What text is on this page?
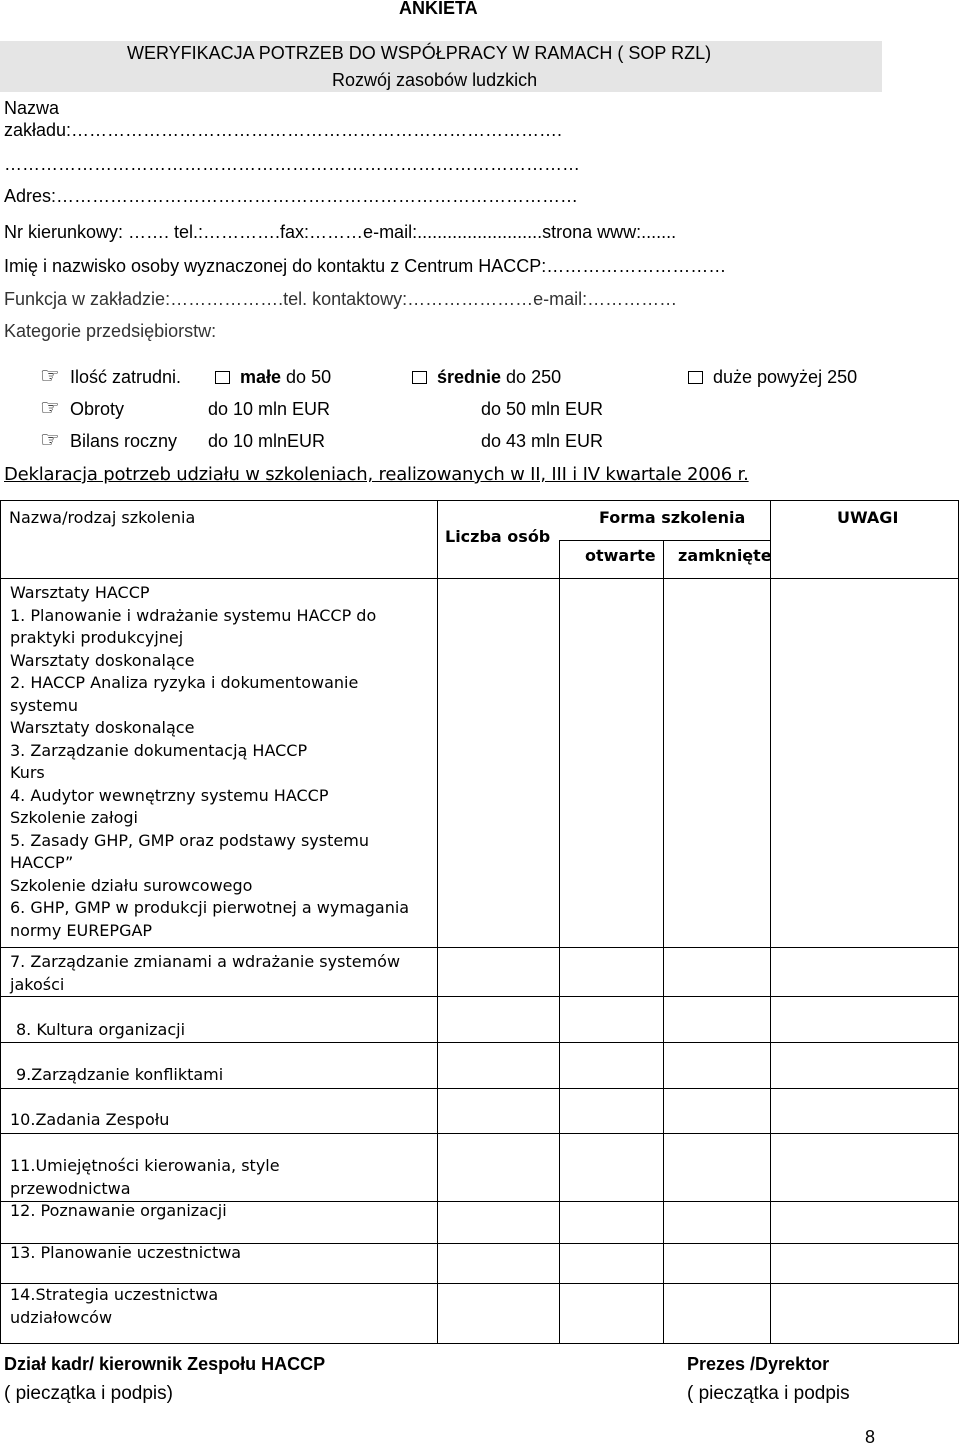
ANKIETA
WERYFIKACJA POTRZEB DO WSPÓŁPRACY W RAMACH ( SOP RZL)
Rozwój zasobów ludzkich
Nazwa
zakładu:……………………………………………………………………….
……………………………………………………………………………………
Adres:……………………………………………………………………………
Nr kierunkowy: ……. tel.:………….fax:………e-mail:.........................strona www:.......
Imię i nazwisko osoby wyznaczonej do kontaktu z Centrum HACCP:…………………………
Funkcja w zakładzie:……………….tel. kontaktowy:…………………e-mail:……………
Kategorie przedsiębiorstw:
☞ Ilość zatrudni.	małe do 50	średnie do 250	duże powyżej 250
☞ Obroty	do 10 mln EUR	do 50 mln EUR
☞ Bilans roczny do 10 mlnEUR	do 43 mln EUR
Deklaracja potrzeb udziału w szkoleniach, realizowanych w II, III i IV kwartale 2006 r.
Nazwa/rodzaj szkolenia
Liczba osób
Forma szkolenia
otwarte zamknięte
UWAGI
Warsztaty HACCP
1. Planowanie i wdrażanie systemu HACCP do praktyki produkcyjnej
Warsztaty doskonalące
2. HACCP Analiza ryzyka i dokumentowanie systemu
Warsztaty doskonalące
3. Zarządzanie dokumentacją HACCP
Kurs
4. Audytor wewnętrzny systemu HACCP
Szkolenie załogi
5. Zasady GHP, GMP oraz podstawy systemu HACCP”
Szkolenie działu surowcowego
6. GHP, GMP w produkcji pierwotnej a wymagania normy EUREPGAP
7. Zarządzanie zmianami a wdrażanie systemów jakości
8. Kultura organizacji
9.Zarządzanie konfliktami
10.Zadania Zespołu
11.Umiejętności kierowania, style przewodnictwa
12. Poznawanie organizacji
13. Planowanie uczestnictwa
14.Strategia uczestnictwa udziałowców
Dział kadr/ kierownik Zespołu HACCP
( pieczątka i podpis)
Prezes /Dyrektor
( pieczątka i podpis
8
